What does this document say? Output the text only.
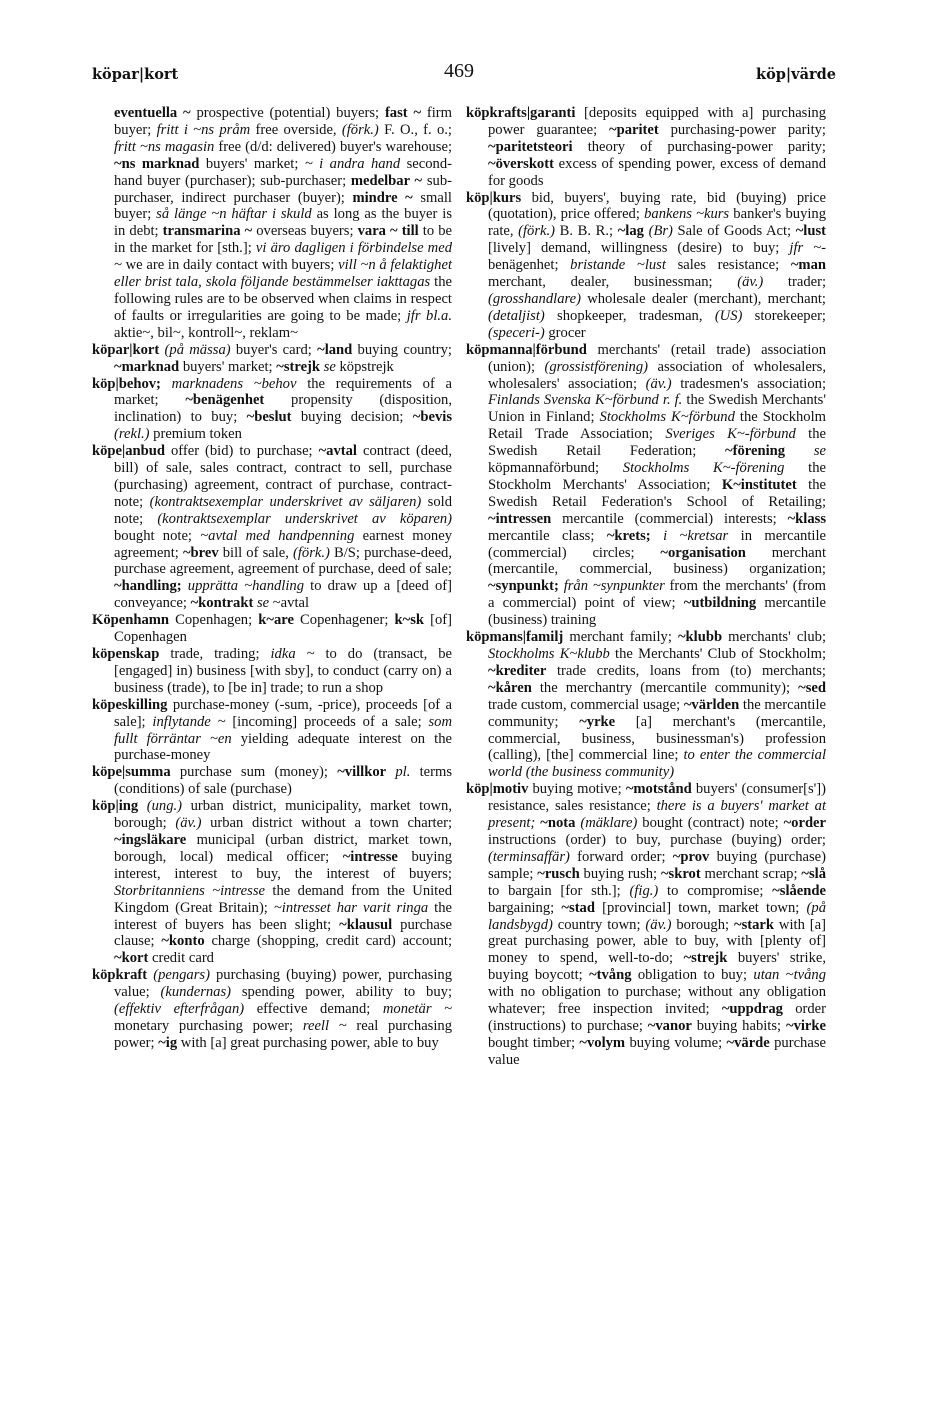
köpar|kort	469	köp|värde

eventuella ~ prospective (potential) buyers; fast ~ firm buyer; fritt i ~ns pråm free overside, (förk.) F. O., f. o.; fritt ~ns magasin free (d/d: delivered) buyer's warehouse; ~ns marknad buyers' market; ~ i andra hand second-hand buyer (purchaser); sub-purchaser; medelbar ~ sub-purchaser, indirect purchaser (buyer); mindre ~ small buyer; så länge ~n häftar i skuld as long as the buyer is in debt; transmarina ~ overseas buyers; vara ~ till to be in the market for [sth.]; vi äro dagligen i förbindelse med ~ we are in daily contact with buyers; vill ~n å felaktighet eller brist tala, skola följande bestämmelser iakttagas the following rules are to be observed when claims in respect of faults or irregularities are going to be made; jfr bl.a. aktie~, bil~, kontroll~, reklam~

köpar|kort (på mässa) buyer's card; ~land buying country; ~marknad buyers' market; ~strejk se köpstrejk

köp|behov; marknadens ~behov the requirements of a market; ~benägenhet propensity (disposition, inclination) to buy; ~beslut buying decision; ~bevis (rekl.) premium token

köpe|anbud offer (bid) to purchase; ~avtal contract (deed, bill) of sale, sales contract, contract to sell, purchase (purchasing) agreement, contract of purchase, contract-note; (kontraktsexemplar underskrivet av säljaren) sold note; (kontraktsexemplar underskrivet av köparen) bought note; ~avtal med handpenning earnest money agreement; ~brev bill of sale, (förk.) B/S; purchase-deed, purchase agreement, agreement of purchase, deed of sale; ~handling; upprätta ~handling to draw up a [deed of] conveyance; ~kontrakt se ~avtal

Köpenhamn Copenhagen; k~are Copenhagener; k~sk [of] Copenhagen

köpenskap trade, trading; idka ~ to do (transact, be [engaged] in) business [with sby], to conduct (carry on) a business (trade), to [be in] trade; to run a shop

köpeskilling purchase-money (-sum, -price), proceeds [of a sale]; inflytande ~ [incoming] proceeds of a sale; som fullt förräntar ~en yielding adequate interest on the purchase-money

köpe|summa purchase sum (money); ~villkor pl. terms (conditions) of sale (purchase)

köp|ing (ung.) urban district, municipality, market town, borough; (äv.) urban district without a town charter; ~ingsläkare municipal (urban district, market town, borough, local) medical officer; ~intresse buying interest, interest to buy, the interest of buyers; Storbritanniens ~intresse the demand from the United Kingdom (Great Britain); ~intresset har varit ringa the interest of buyers has been slight; ~klausul purchase clause; ~konto charge (shopping, credit card) account; ~kort credit card

köpkraft (pengars) purchasing (buying) power, purchasing value; (kundernas) spending power, ability to buy; (effektiv efterfrågan) effective demand; monetär ~ monetary purchasing power; reell ~ real purchasing power; ~ig with [a] great purchasing power, able to buy

köpkrafts|garanti [deposits equipped with a] purchasing power guarantee; ~paritet purchasing-power parity; ~paritetsteori theory of purchasing-power parity; ~överskott excess of spending power, excess of demand for goods

köp|kurs bid, buyers', buying rate, bid (buying) price (quotation), price offered; bankens ~kurs banker's buying rate, (förk.) B. B. R.; ~lag (Br) Sale of Goods Act; ~lust [lively] demand, willingness (desire) to buy; jfr ~- benägenhet; bristande ~lust sales resistance; ~man merchant, dealer, businessman; (äv.) trader; (grosshandlare) wholesale dealer (merchant), merchant; (detaljist) shopkeeper, tradesman, (US) storekeeper; (speceri-) grocer

köpmanna|förbund merchants' (retail trade) association (union); (grossistförening) association of wholesalers, wholesalers' association; (äv.) tradesmen's association; Finlands Svenska K~förbund r. f. the Swedish Merchants' Union in Finland; Stockholms K~förbund the Stockholm Retail Trade Association; Sveriges K~-förbund the Swedish Retail Federation; ~förening se köpmannaförbund; Stockholms K~-förening the Stockholm Merchants' Association; K~institutet the Swedish Retail Federation's School of Retailing; ~intressen mercantile (commercial) interests; ~klass mercantile class; ~krets; i ~kretsar in mercantile (commercial) circles; ~organisation merchant (mercantile, commercial, business) organization; ~synpunkt; från ~synpunkter from the merchants' (from a commercial) point of view; ~utbildning mercantile (business) training

köpmans|familj merchant family; ~klubb merchants' club; Stockholms K~klubb the Merchants' Club of Stockholm; ~krediter trade credits, loans from (to) merchants; ~kåren the merchantry (mercantile community); ~sed trade custom, commercial usage; ~världen the mercantile community; ~yrke [a] merchant's (mercantile, commercial, business, businessman's) profession (calling), [the] commercial line; to enter the commercial world (the business community)

köp|motiv buying motive; ~motstånd buyers' (consumer[s']) resistance, sales resistance; there is a buyers' market at present; ~nota (mäklare) bought (contract) note; ~order instructions (order) to buy, purchase (buying) order; (terminsaffär) forward order; ~prov buying (purchase) sample; ~rusch buying rush; ~skrot merchant scrap; ~slå to bargain [for sth.]; (fig.) to compromise; ~slående bargaining; ~stad [provincial] town, market town; (på landsbygd) country town; (äv.) borough; ~stark with [a] great purchasing power, able to buy, with [plenty of] money to spend, well-to-do; ~strejk buyers' strike, buying boycott; ~tvång obligation to buy; utan ~tvång with no obligation to purchase; without any obligation whatever; free inspection invited; ~uppdrag order (instructions) to purchase; ~vanor buying habits; ~virke bought timber; ~volym buying volume; ~värde purchase value
